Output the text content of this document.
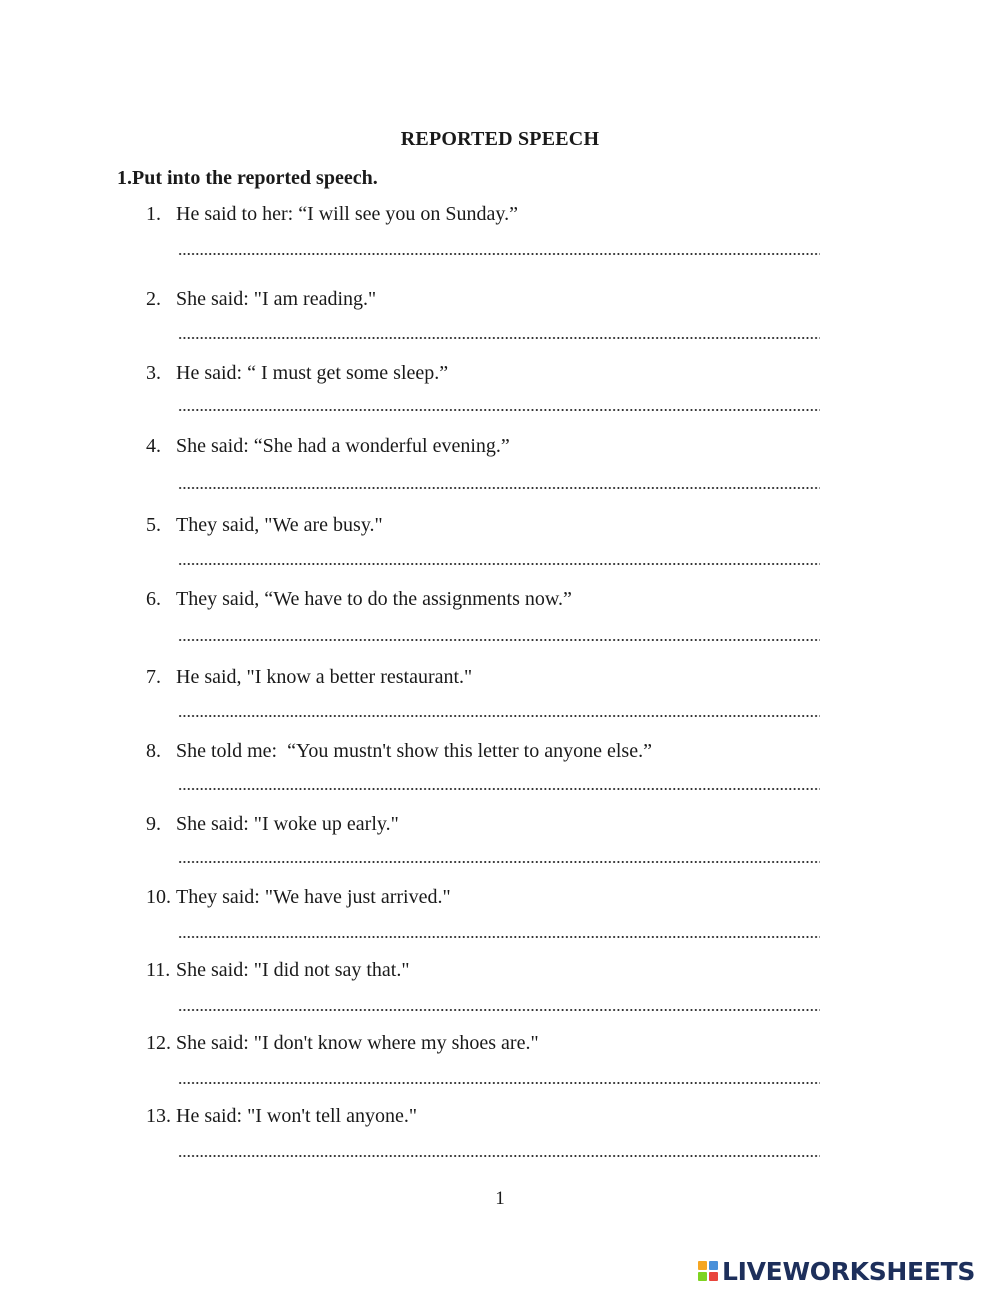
REPORTED SPEECH
1.Put into the reported speech.
1. He said to her: “I will see you on Sunday.”
2. She said: "I am reading."
3. He said: “ I must get some sleep.”
4. She said: “She had a wonderful evening.”
5. They said, "We are busy."
6. They said, “We have to do the assignments now.”
7. He said, "I know a better restaurant."
8. She told me:  “You mustn't show this letter to anyone else.”
9. She said: "I woke up early."
10. They said: "We have just arrived."
11. She said: "I did not say that."
12. She said: "I don't know where my shoes are."
13. He said: "I won't tell anyone."
1
LIVEWORKSHEETS
